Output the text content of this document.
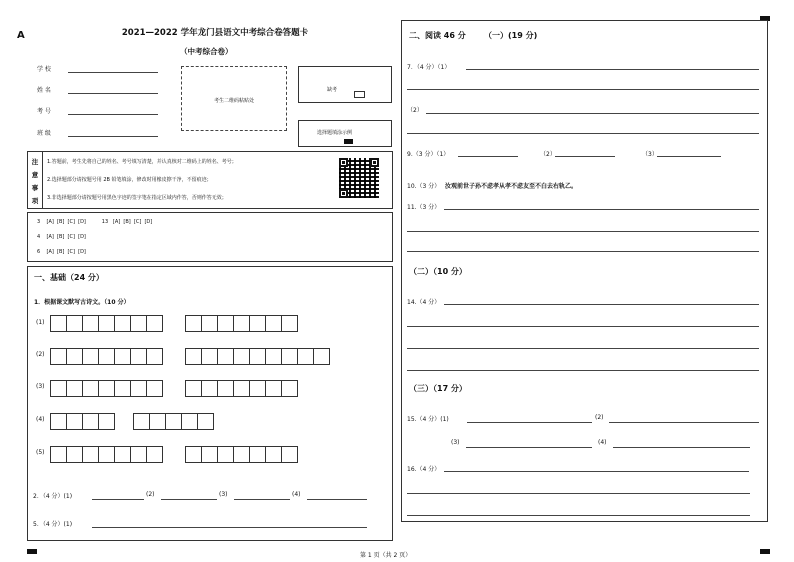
A	2021—2022 学年龙门县语文中考综合卷答题卡
（中考综合卷）
学 校
姓 名
考 号
班 级
考生二维码粘贴处
缺考
选择题填涂示例
注意事项
1.答题前，考生先将自己的姓名、考号填写清楚，并认真核对二维码上的姓名、考号；
2.选择题部分请按题号用 2B 铅笔填涂，修改时用橡皮擦干净，不留痕迹；
3.非选择题部分请按题号用黑色字迹的签字笔在指定区域内作答，否则作答无效；
3    [A]  [B]  [C]  [D]          13   [A]  [B]  [C]  [D]
4    [A]  [B]  [C]  [D]
6    [A]  [B]  [C]  [D]
一、基础（24 分）
1．根据课文默写古诗文。（10 分）
(1)
(2)
(3)
(4)
(5)
2．（4 分）(1)	(2)	(3)	(4)
5．（4 分）(1)
二、阅读 46 分 （一）(19 分)
7．（4 分）（1）
（2）
9.（3 分）（1）	（2）	（3）
10.（3 分） 汝观前世子孙不虑孝从孝不虑友至不白去右轨乙。
11.（3 分）
（二）（10 分）
14.（4 分）
（三）（17 分）
15.（4 分）(1)	(2)
(3)	(4)
16.（4 分）
第 1 页（共 2 页）
